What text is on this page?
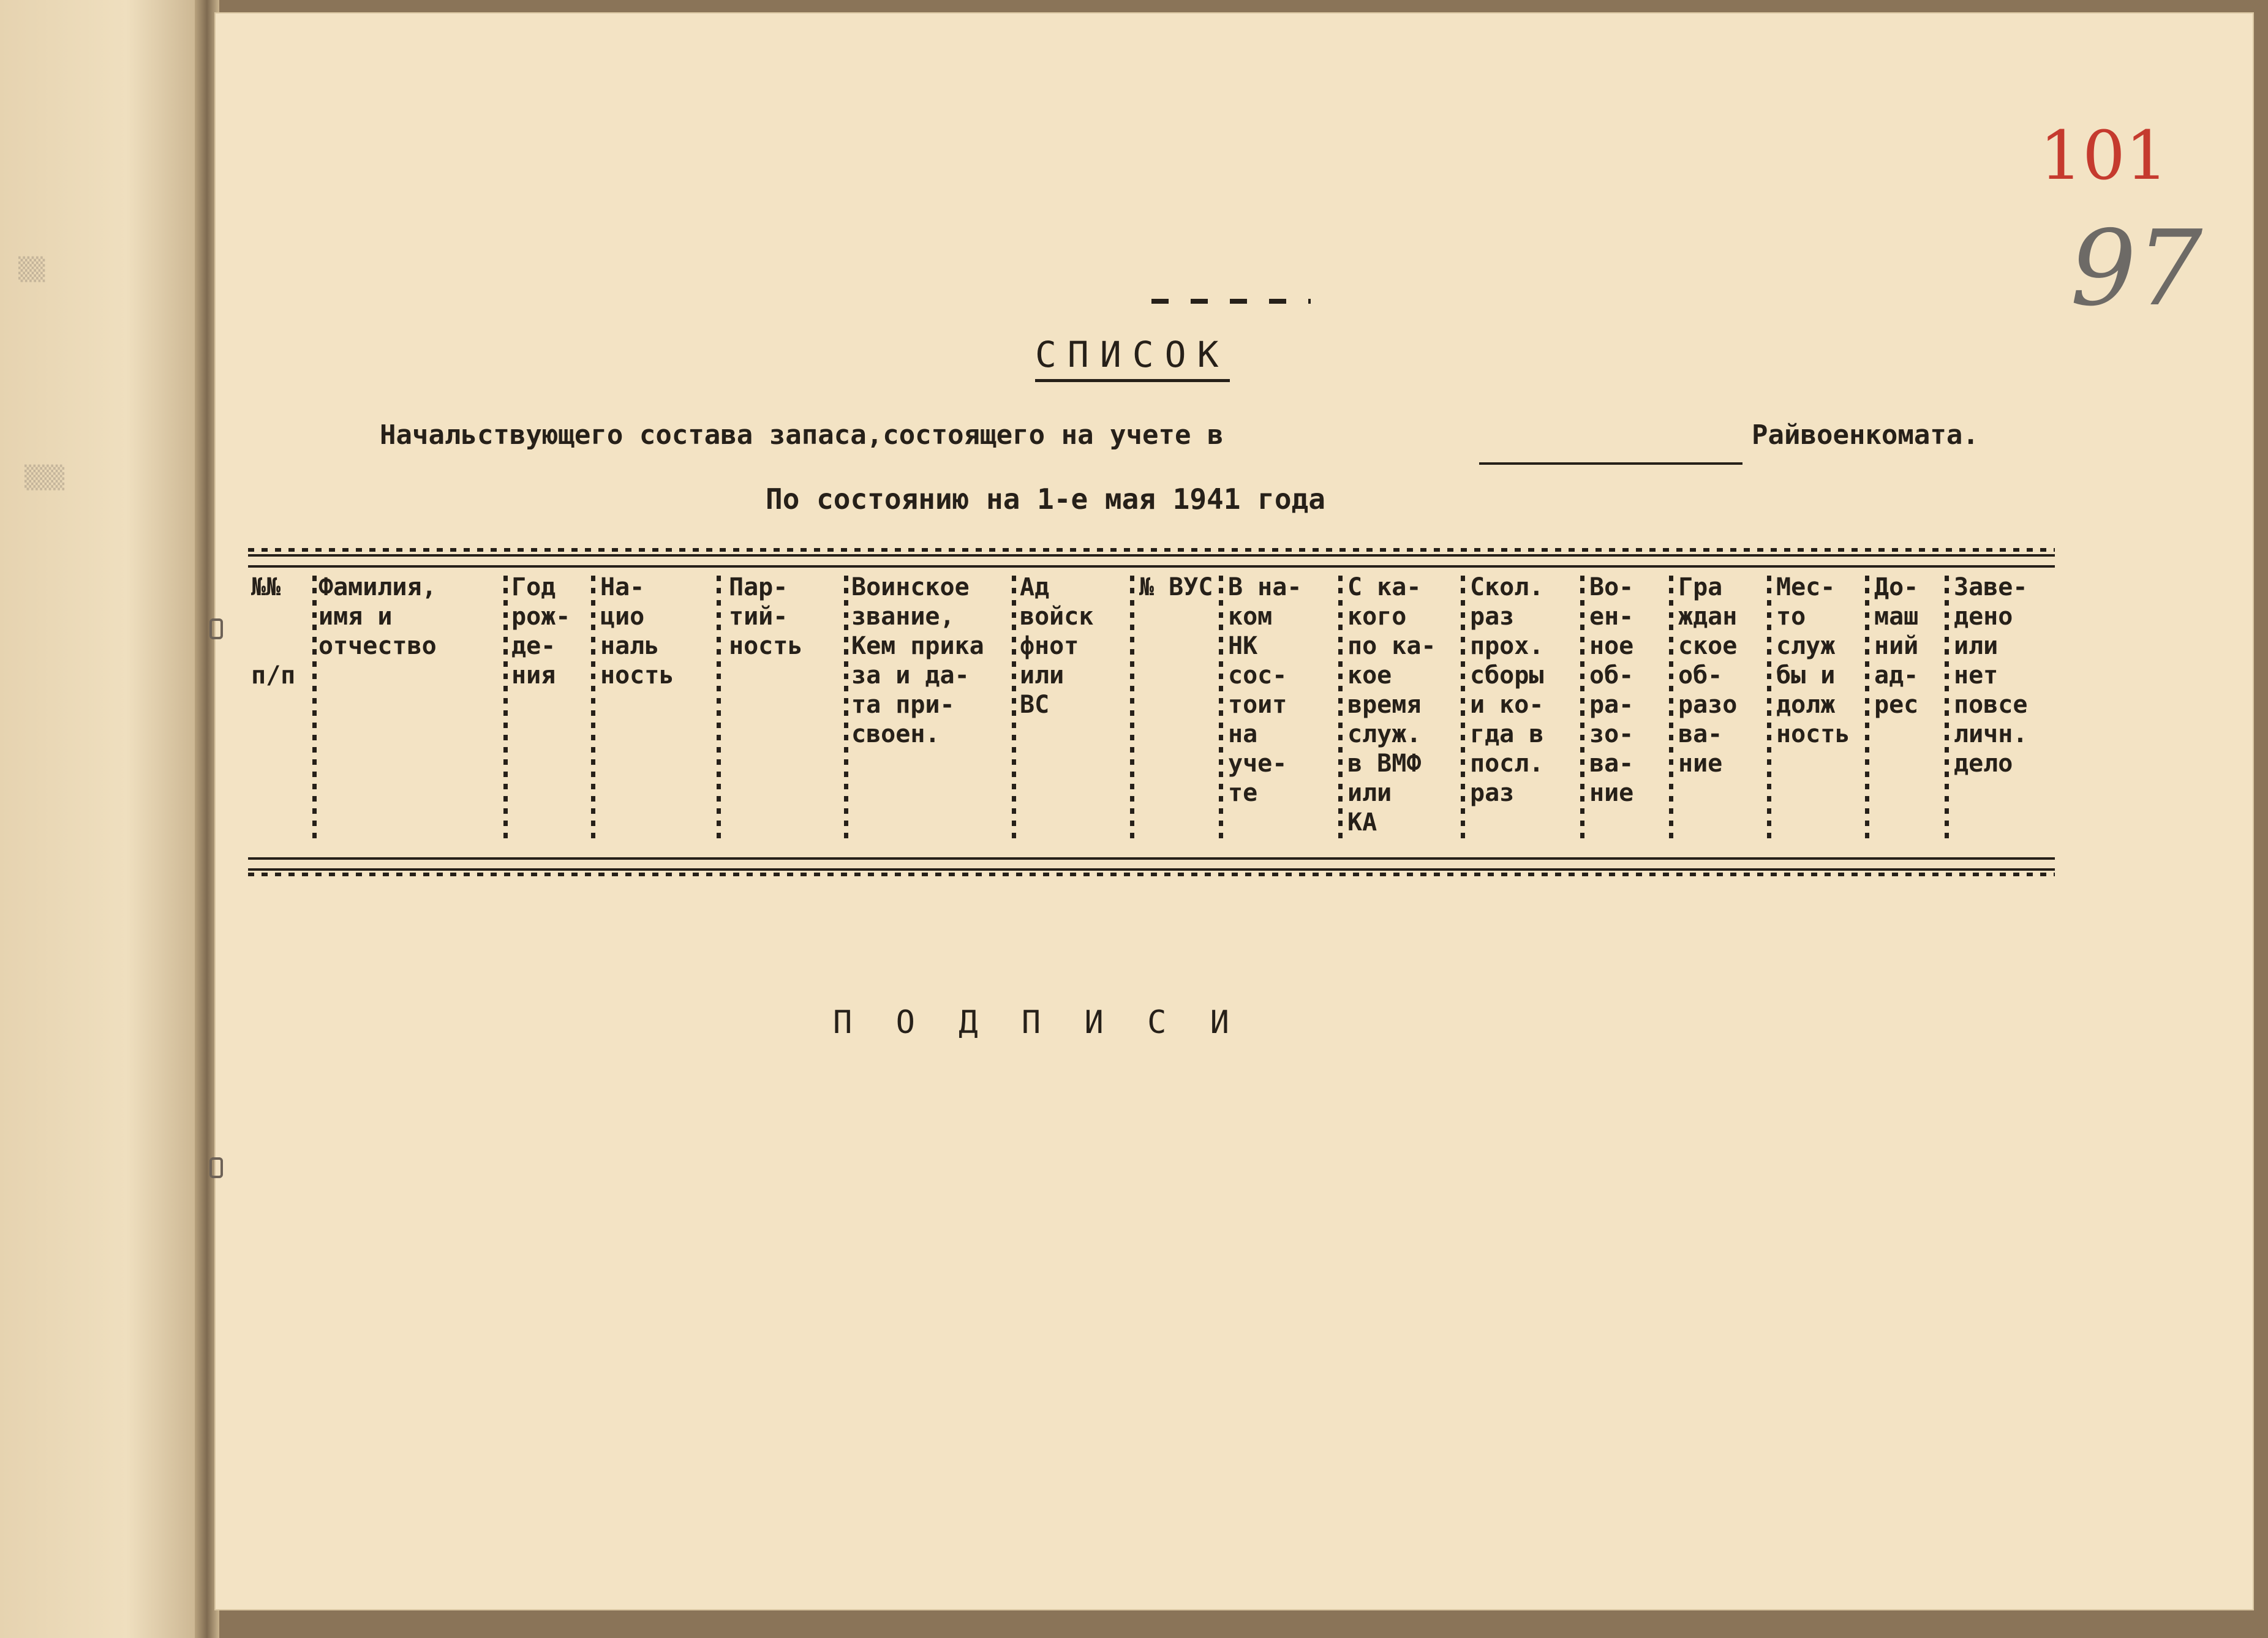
▒▒
▒▒▒
101
97
СПИСОК
Начальствующего состава запаса,состоящего на учете в	Райвоенкомата.
По состоянию на 1-е мая 1941 года
№№

п/п
Фамилия,
имя и
отчество
Год
рож-
де-
ния
На-
цио
наль
ность
Пар-
тий-
ность
Воинское
звание,
Кем прика
за и да-
та при-
своен.
Ад
войск
фнот
или
ВС
№ ВУС В на-
ком
НК
сос-
тоит
на
уче-
те
С ка-
кого
по ка-
кое
время
служ.
в ВМФ
или
КА
Скол.
раз
прох.
сборы
и ко-
гда в
посл.
раз
Во-
ен-
ное
об-
ра-
зо-
ва-
ние
Гра
ждан
ское
об-
разо
ва-
ние
Мес-
то
служ
бы и
долж
ность
До-
маш
ний
ад-
рес
Заве-
дено
или
нет
повсе
личн.
дело
П О Д П И С И
